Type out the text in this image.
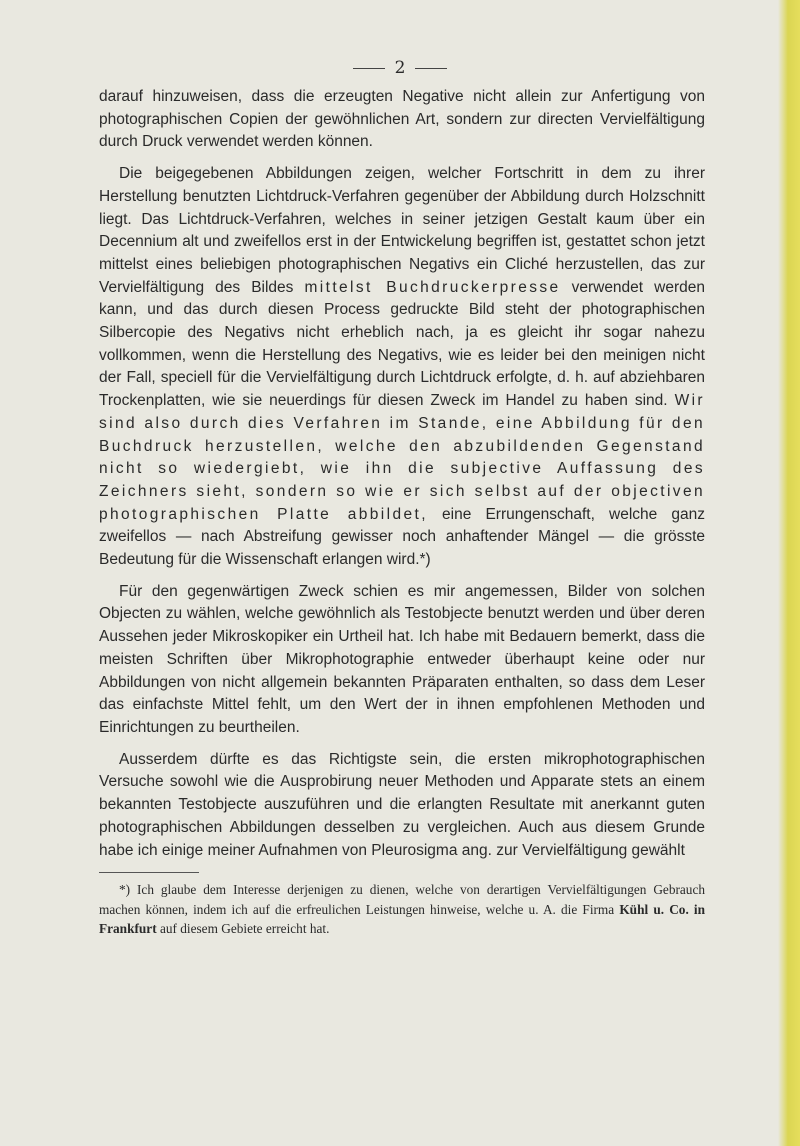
2

darauf hinzuweisen, dass die erzeugten Negative nicht allein zur Anfertigung von photographischen Copien der gewöhnlichen Art, sondern zur directen Vervielfältigung durch Druck verwendet werden können.

Die beigegebenen Abbildungen zeigen, welcher Fortschritt in dem zu ihrer Herstellung benutzten Lichtdruck-Verfahren gegenüber der Abbildung durch Holzschnitt liegt. Das Lichtdruck-Verfahren, welches in seiner jetzigen Gestalt kaum über ein Decennium alt und zweifellos erst in der Entwickelung begriffen ist, gestattet schon jetzt mittelst eines beliebigen photographischen Negativs ein Cliché herzustellen, das zur Vervielfältigung des Bildes mittelst Buchdruckerpresse verwendet werden kann, und das durch diesen Process gedruckte Bild steht der photographischen Silbercopie des Negativs nicht erheblich nach, ja es gleicht ihr sogar nahezu vollkommen, wenn die Herstellung des Negativs, wie es leider bei den meinigen nicht der Fall, speciell für die Vervielfältigung durch Lichtdruck erfolgte, d. h. auf abziehbaren Trockenplatten, wie sie neuerdings für diesen Zweck im Handel zu haben sind. Wir sind also durch dies Verfahren im Stande, eine Abbildung für den Buchdruck herzustellen, welche den abzubildenden Gegenstand nicht so wiedergiebt, wie ihn die subjective Auffassung des Zeichners sieht, sondern so wie er sich selbst auf der objectiven photographischen Platte abbildet, eine Errungenschaft, welche ganz zweifellos — nach Abstreifung gewisser noch anhaftender Mängel — die grösste Bedeutung für die Wissenschaft erlangen wird.*)

Für den gegenwärtigen Zweck schien es mir angemessen, Bilder von solchen Objecten zu wählen, welche gewöhnlich als Testobjecte benutzt werden und über deren Aussehen jeder Mikroskopiker ein Urtheil hat. Ich habe mit Bedauern bemerkt, dass die meisten Schriften über Mikrophotographie entweder überhaupt keine oder nur Abbildungen von nicht allgemein bekannten Präparaten enthalten, so dass dem Leser das einfachste Mittel fehlt, um den Wert der in ihnen empfohlenen Methoden und Einrichtungen zu beurtheilen.

Ausserdem dürfte es das Richtigste sein, die ersten mikrophotographischen Versuche sowohl wie die Ausprobirung neuer Methoden und Apparate stets an einem bekannten Testobjecte auszuführen und die erlangten Resultate mit anerkannt guten photographischen Abbildungen desselben zu vergleichen. Auch aus diesem Grunde habe ich einige meiner Aufnahmen von Pleurosigma ang. zur Vervielfältigung gewählt

*) Ich glaube dem Interesse derjenigen zu dienen, welche von derartigen Vervielfältigungen Gebrauch machen können, indem ich auf die erfreulichen Leistungen hinweise, welche u. A. die Firma Kühl u. Co. in Frankfurt auf diesem Gebiete erreicht hat.
